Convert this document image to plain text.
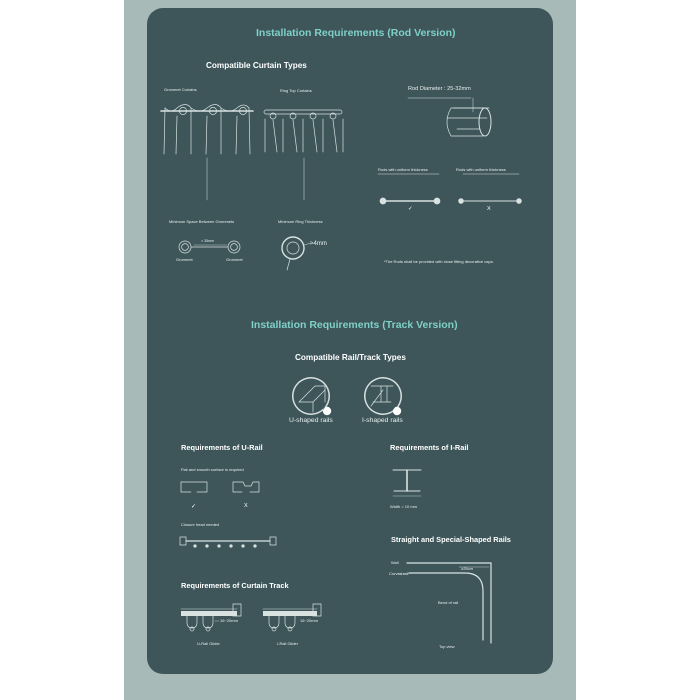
Installation Requirements (Rod Version)
Compatible Curtain Types
Grommet Curtains	Ring Top Curtains	Rod Diameter : 25-32mm
Rods with uniform thickness	Rods with uniform thickness
✓	X
Minimum Space Between Grommets	Minimum Ring Thickness
> 35mm
Grommet	Grommet
>4mm
*The Rods shall be provided with close fitting decorative caps.
Installation Requirements (Track Version)
Compatible Rail/Track Types
U-shaped rails	I-shaped rails
✓	✓
Requirements of U-Rail
Flat and smooth surface is required
✓	X
Closure head needed
Requirements of I-Rail
Width = 10 mm
Straight and Special-Shaped Rails
Wall
≥25cm
Curved rail
Bend of rail
Top view
Requirements of Curtain Track
16~20mm	16~20mm
U-Rail Glider	I-Rail Glider
